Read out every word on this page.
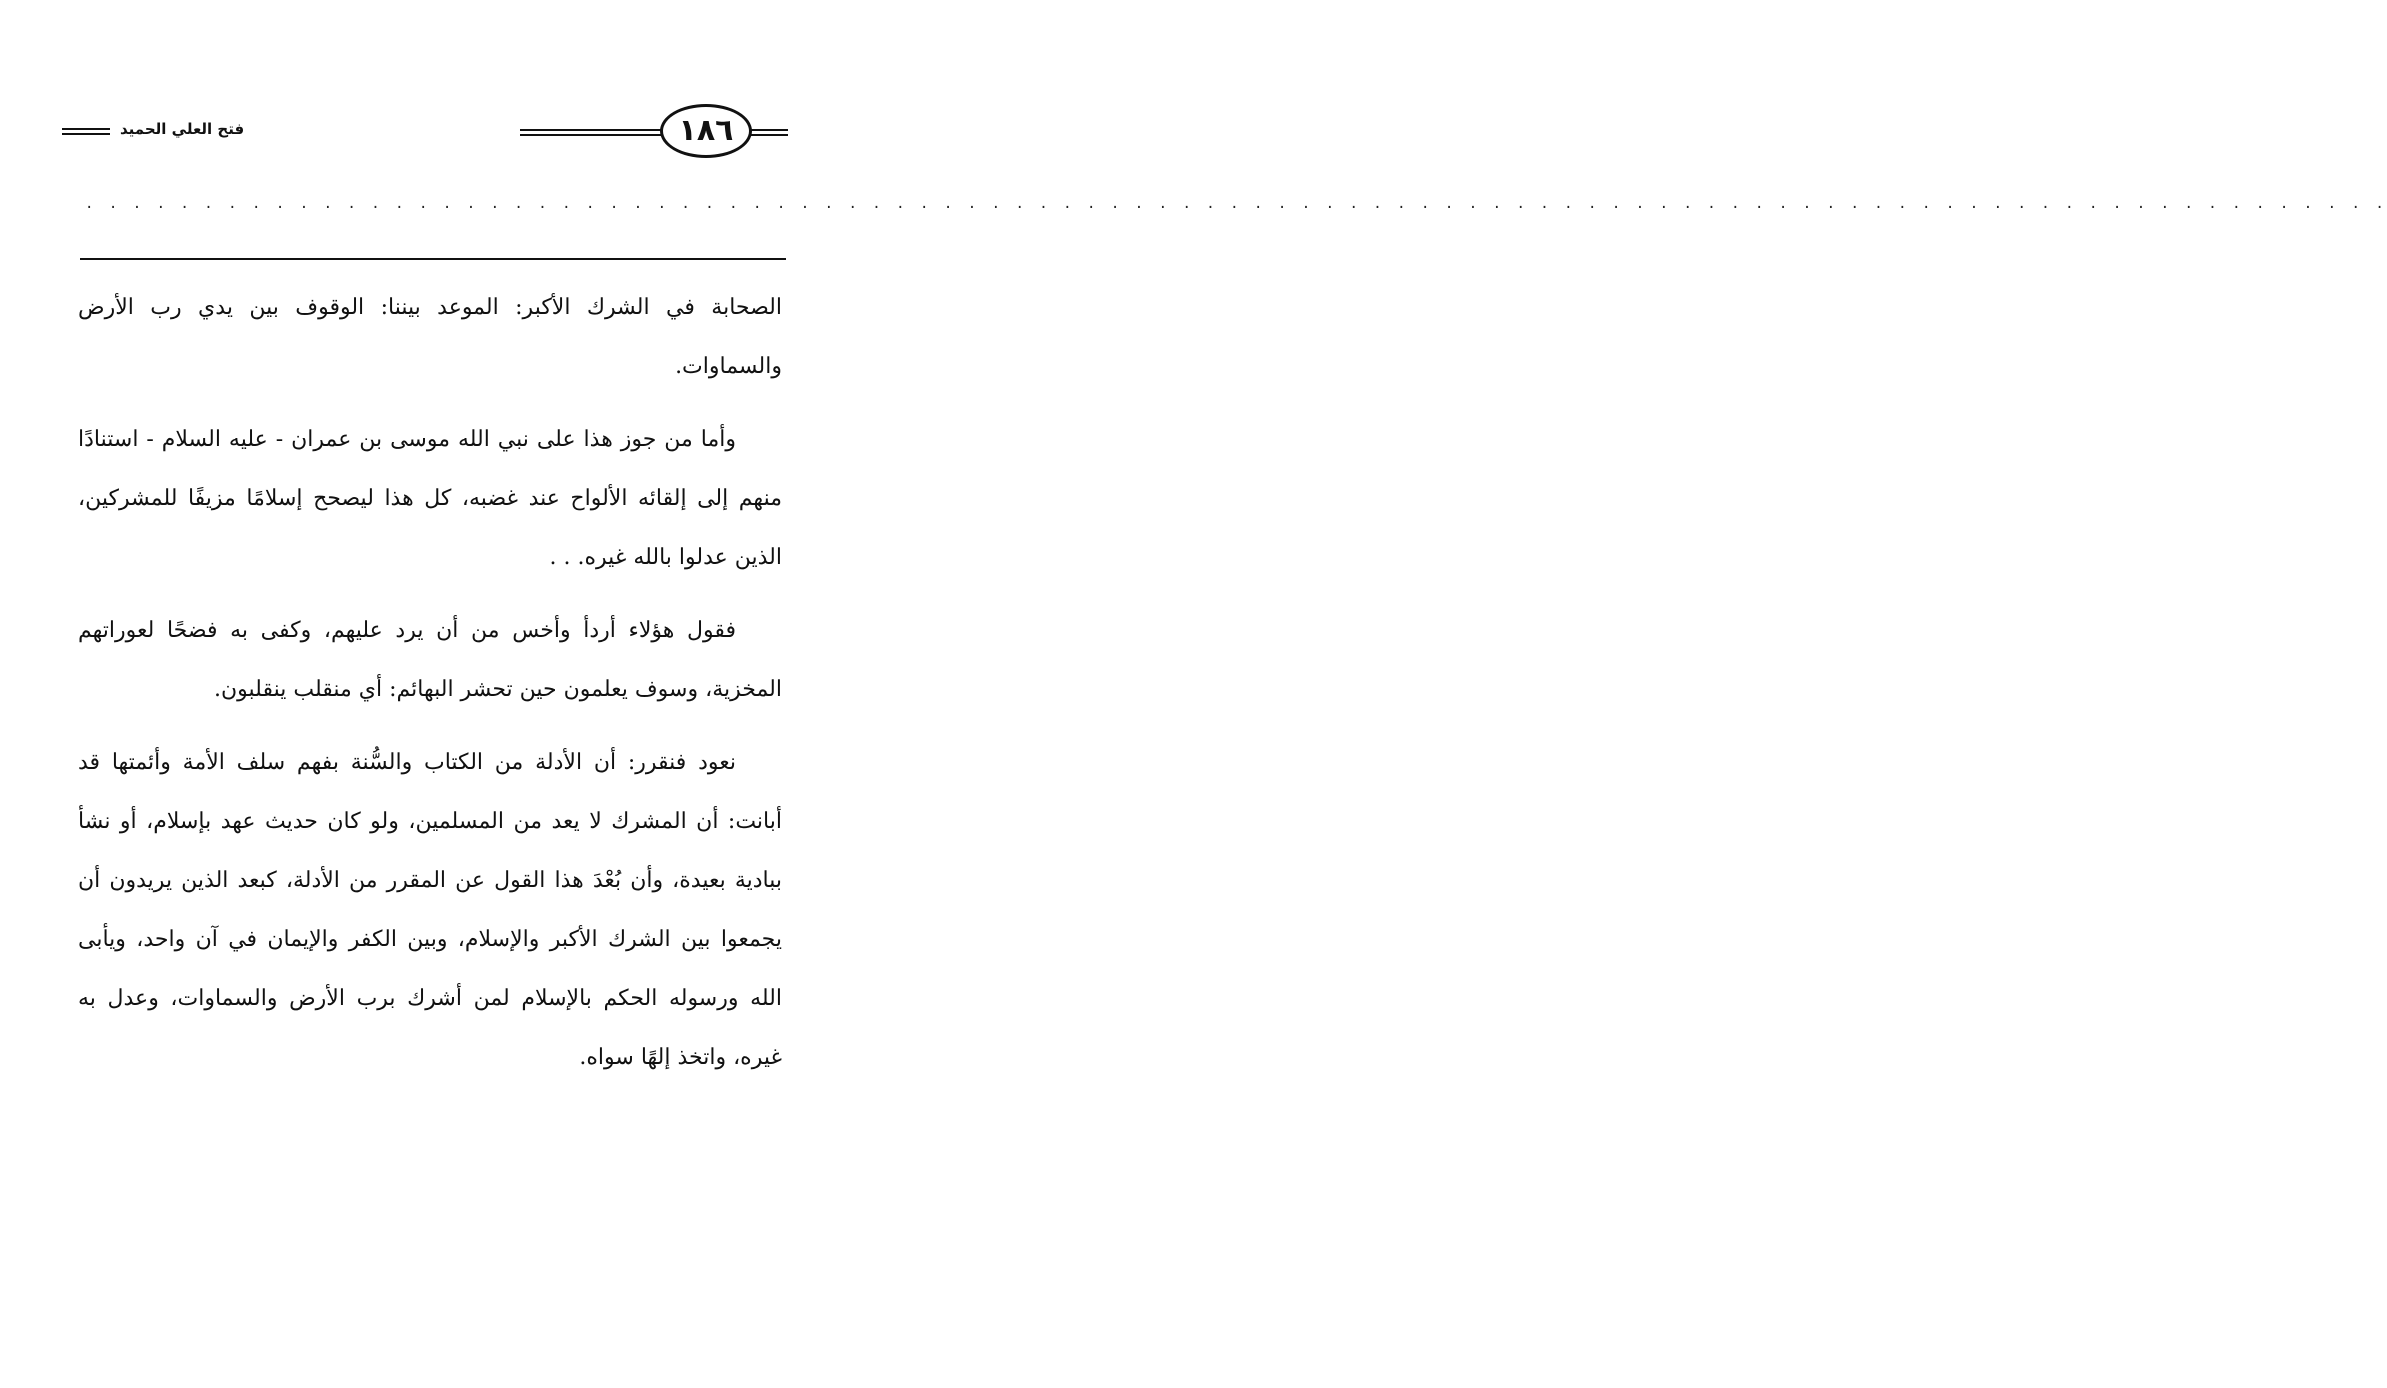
فتح العلي الحميد	١٨٦
. . . . . . . . . . . . . . . . . . . . . . . . . . . . . . . . . . . . . . . . . . . . . . . . . . . . . . . . . . . . . . . . . . . . . . . . . . . . . . . . . . . . . . . . . . . . . . . . .

الصحابة في الشرك الأكبر: الموعد بيننا: الوقوف بين يدي رب الأرض والسماوات.

وأما من جوز هذا على نبي الله موسى بن عمران - عليه السلام - استنادًا منهم إلى إلقائه الألواح عند غضبه، كل هذا ليصحح إسلامًا مزيفًا للمشركين، الذين عدلوا بالله غيره. . .

فقول هؤلاء أردأ وأخس من أن يرد عليهم، وكفى به فضحًا لعوراتهم المخزية، وسوف يعلمون حين تحشر البهائم: أي منقلب ينقلبون.

نعود فنقرر: أن الأدلة من الكتاب والسُّنة بفهم سلف الأمة وأئمتها قد أبانت: أن المشرك لا يعد من المسلمين، ولو كان حديث عهد بإسلام، أو نشأ ببادية بعيدة، وأن بُعْدَ هذا القول عن المقرر من الأدلة، كبعد الذين يريدون أن يجمعوا بين الشرك الأكبر والإسلام، وبين الكفر والإيمان في آن واحد، ويأبى الله ورسوله الحكم بالإسلام لمن أشرك برب الأرض والسماوات، وعدل به غيره، واتخذ إلهًا سواه.
